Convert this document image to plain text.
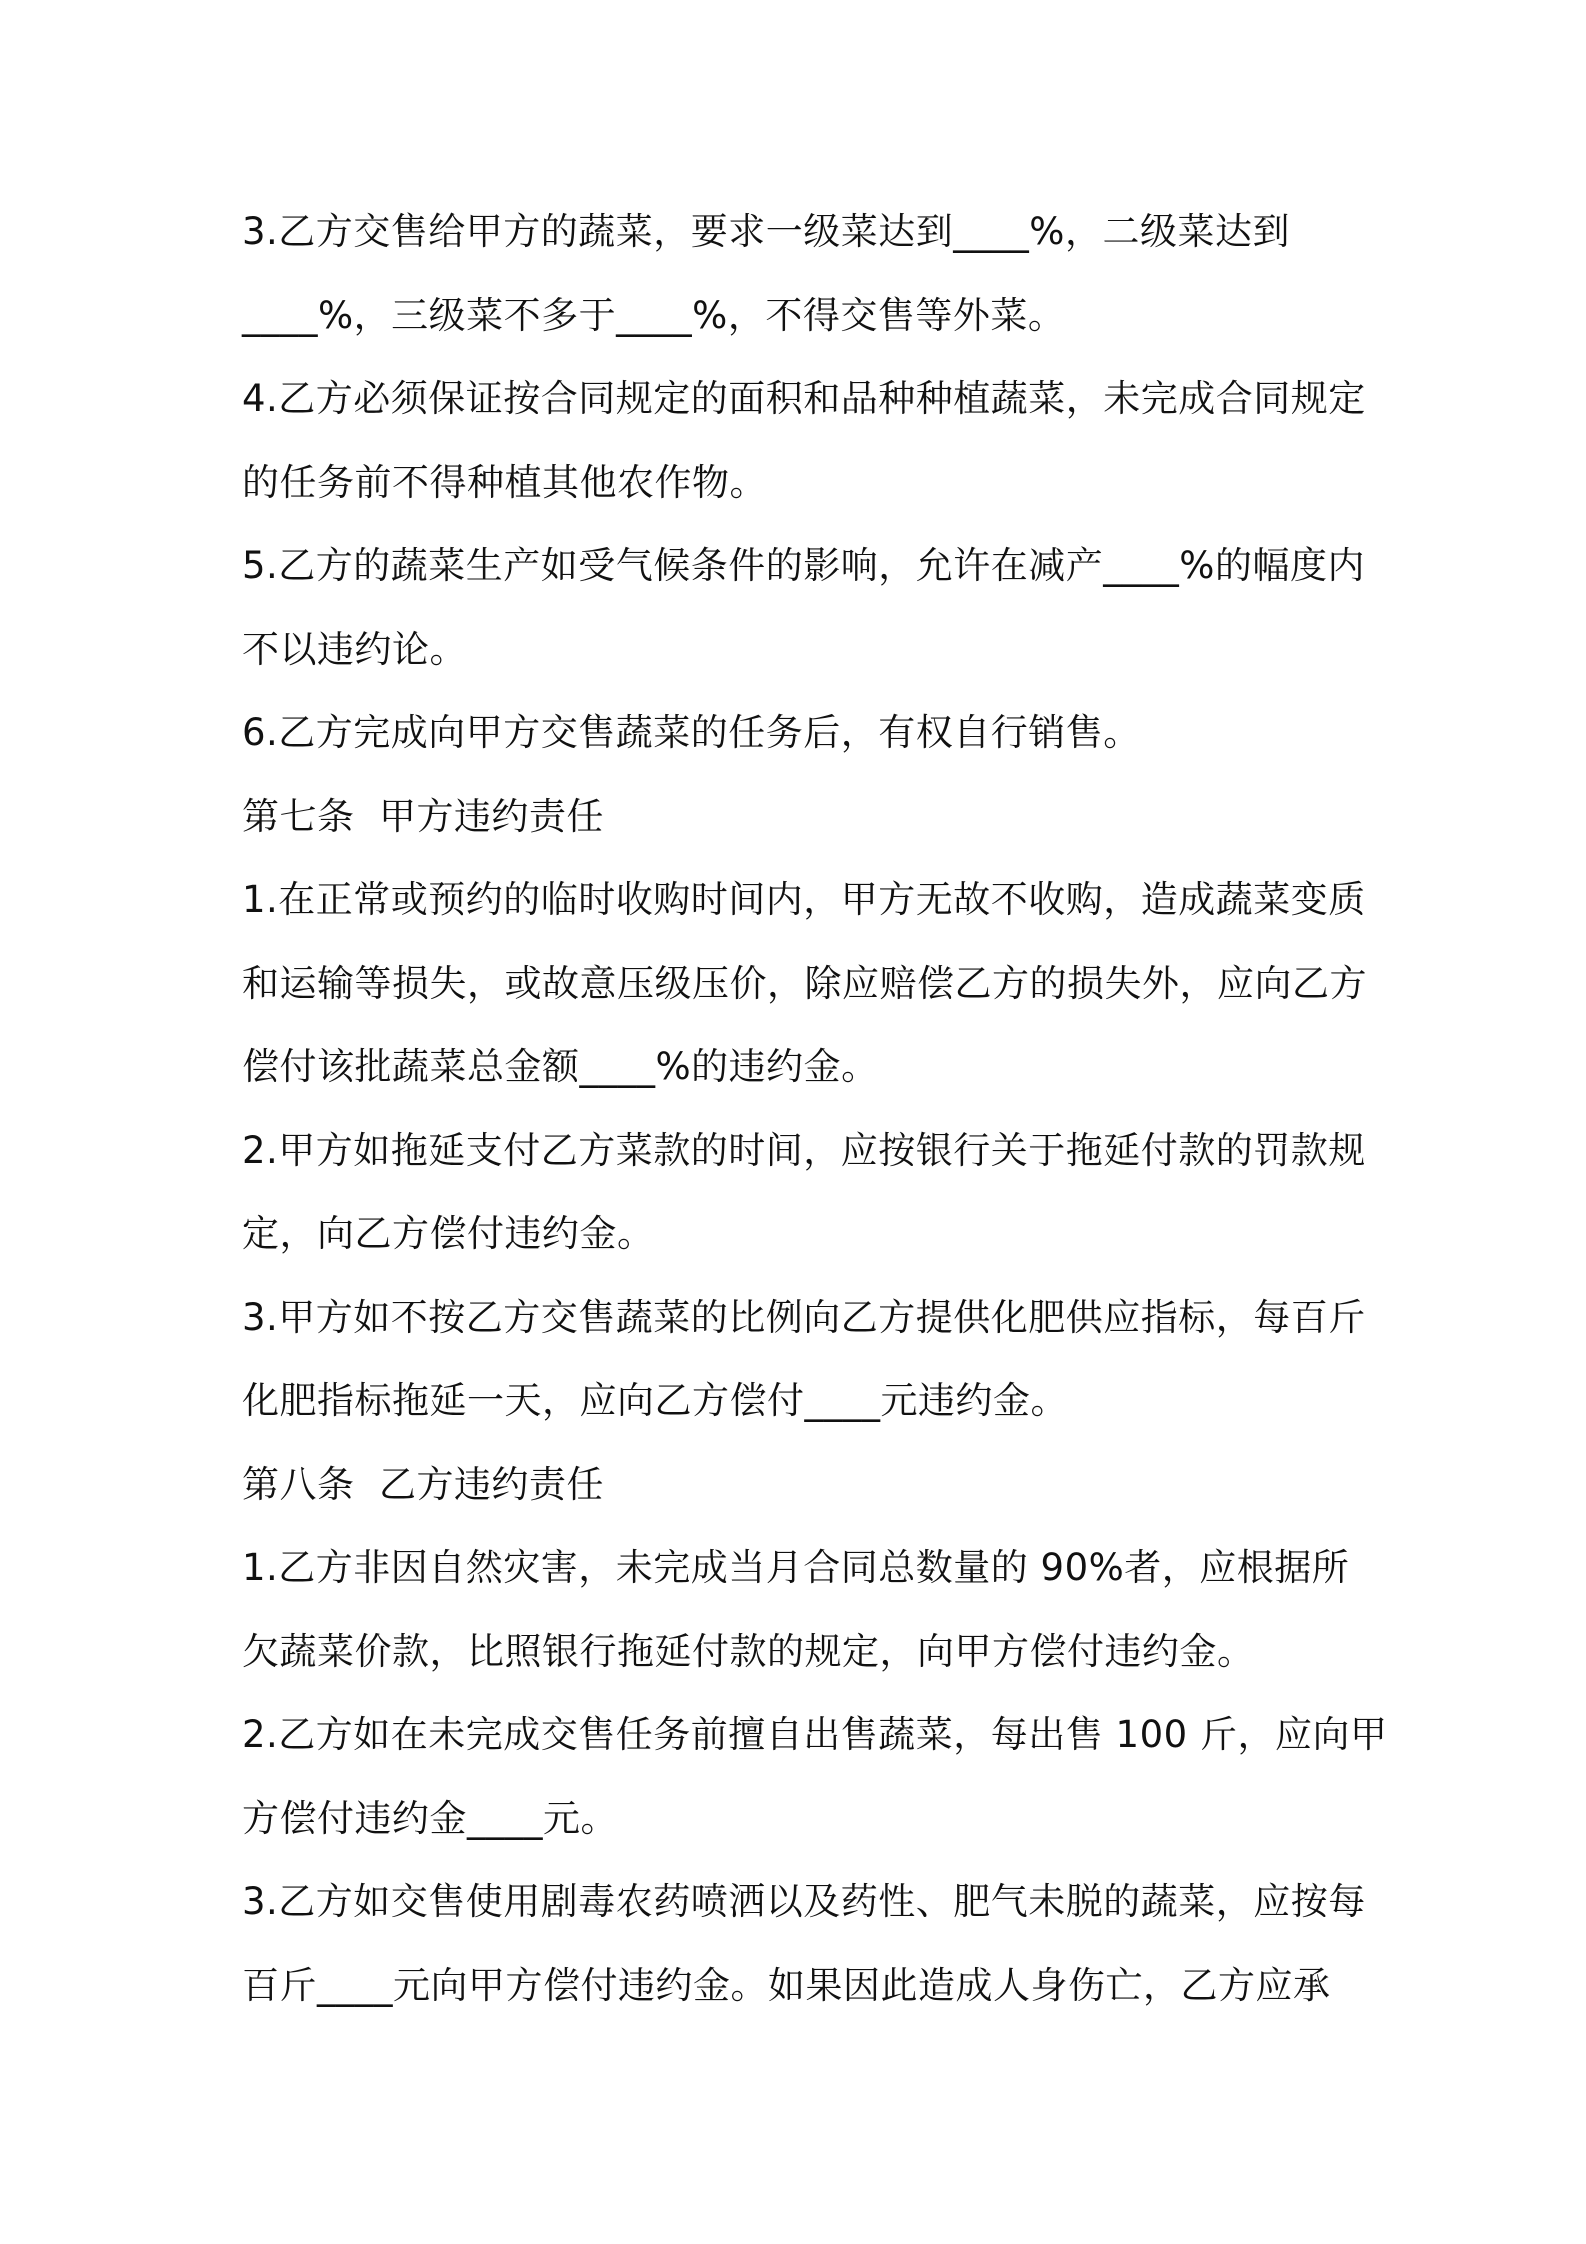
3.乙方交售给甲方的蔬菜，要求一级菜达到____%，二级菜达到
____%，三级菜不多于____%，不得交售等外菜。
4.乙方必须保证按合同规定的面积和品种种植蔬菜，未完成合同规定
的任务前不得种植其他农作物。
5.乙方的蔬菜生产如受气候条件的影响，允许在减产____%的幅度内
不以违约论。
6.乙方完成向甲方交售蔬菜的任务后，有权自行销售。
第七条  甲方违约责任
1.在正常或预约的临时收购时间内，甲方无故不收购，造成蔬菜变质
和运输等损失，或故意压级压价，除应赔偿乙方的损失外，应向乙方
偿付该批蔬菜总金额____%的违约金。
2.甲方如拖延支付乙方菜款的时间，应按银行关于拖延付款的罚款规
定，向乙方偿付违约金。
3.甲方如不按乙方交售蔬菜的比例向乙方提供化肥供应指标，每百斤
化肥指标拖延一天，应向乙方偿付____元违约金。
第八条  乙方违约责任
1.乙方非因自然灾害，未完成当月合同总数量的 90%者，应根据所
欠蔬菜价款，比照银行拖延付款的规定，向甲方偿付违约金。
2.乙方如在未完成交售任务前擅自出售蔬菜，每出售 100 斤，应向甲
方偿付违约金____元。
3.乙方如交售使用剧毒农药喷洒以及药性、肥气未脱的蔬菜，应按每
百斤____元向甲方偿付违约金。如果因此造成人身伤亡，乙方应承
